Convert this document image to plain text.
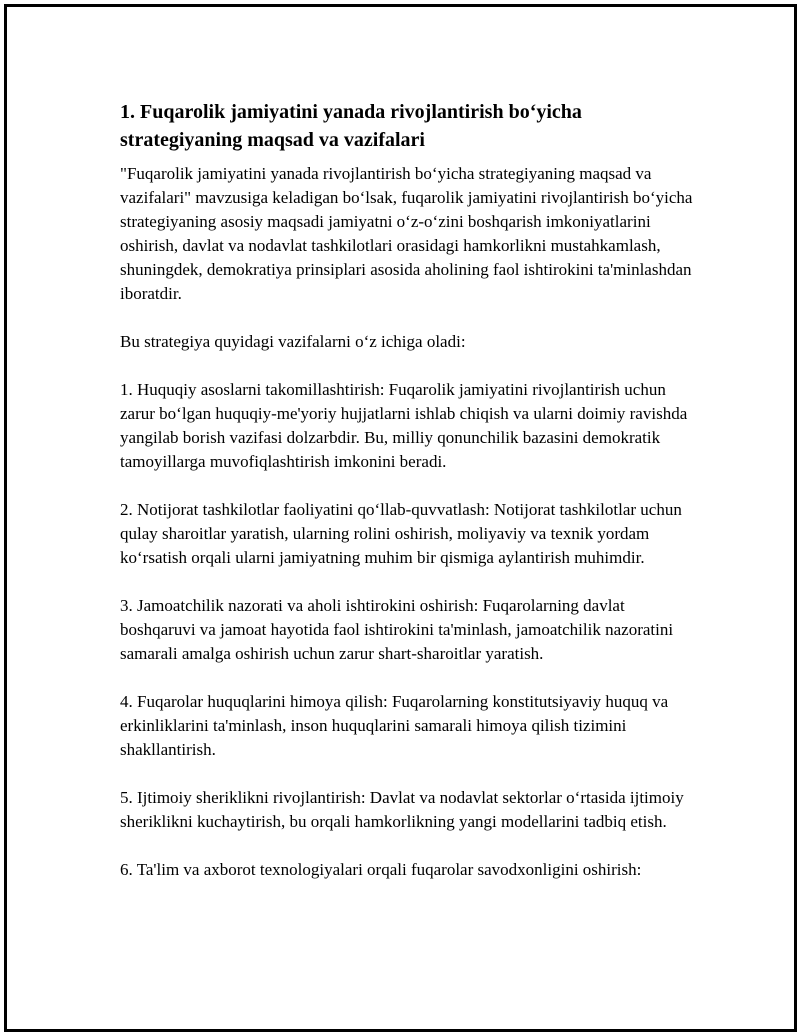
1. Fuqarolik jamiyatini yanada rivojlantirish bo‘yicha strategiyaning maqsad va vazifalari

"Fuqarolik jamiyatini yanada rivojlantirish bo‘yicha strategiyaning maqsad va vazifalari" mavzusiga keladigan bo‘lsak, fuqarolik jamiyatini rivojlantirish bo‘yicha strategiyaning asosiy maqsadi jamiyatni o‘z-o‘zini boshqarish imkoniyatlarini oshirish, davlat va nodavlat tashkilotlari orasidagi hamkorlikni mustahkamlash, shuningdek, demokratiya prinsiplari asosida aholining faol ishtirokini ta'minlashdan iboratdir.

Bu strategiya quyidagi vazifalarni o‘z ichiga oladi:

1. Huquqiy asoslarni takomillashtirish: Fuqarolik jamiyatini rivojlantirish uchun zarur bo‘lgan huquqiy-me'yoriy hujjatlarni ishlab chiqish va ularni doimiy ravishda yangilab borish vazifasi dolzarbdir. Bu, milliy qonunchilik bazasini demokratik tamoyillarga muvofiqlashtirish imkonini beradi.

2. Notijorat tashkilotlar faoliyatini qo‘llab-quvvatlash: Notijorat tashkilotlar uchun qulay sharoitlar yaratish, ularning rolini oshirish, moliyaviy va texnik yordam ko‘rsatish orqali ularni jamiyatning muhim bir qismiga aylantirish muhimdir.

3. Jamoatchilik nazorati va aholi ishtirokini oshirish: Fuqarolarning davlat boshqaruvi va jamoat hayotida faol ishtirokini ta'minlash, jamoatchilik nazoratini samarali amalga oshirish uchun zarur shart-sharoitlar yaratish.

4. Fuqarolar huquqlarini himoya qilish: Fuqarolarning konstitutsiyaviy huquq va erkinliklarini ta'minlash, inson huquqlarini samarali himoya qilish tizimini shakllantirish.

5. Ijtimoiy sheriklikni rivojlantirish: Davlat va nodavlat sektorlar o‘rtasida ijtimoiy sheriklikni kuchaytirish, bu orqali hamkorlikning yangi modellarini tadbiq etish.

6. Ta'lim va axborot texnologiyalari orqali fuqarolar savodxonligini oshirish:
